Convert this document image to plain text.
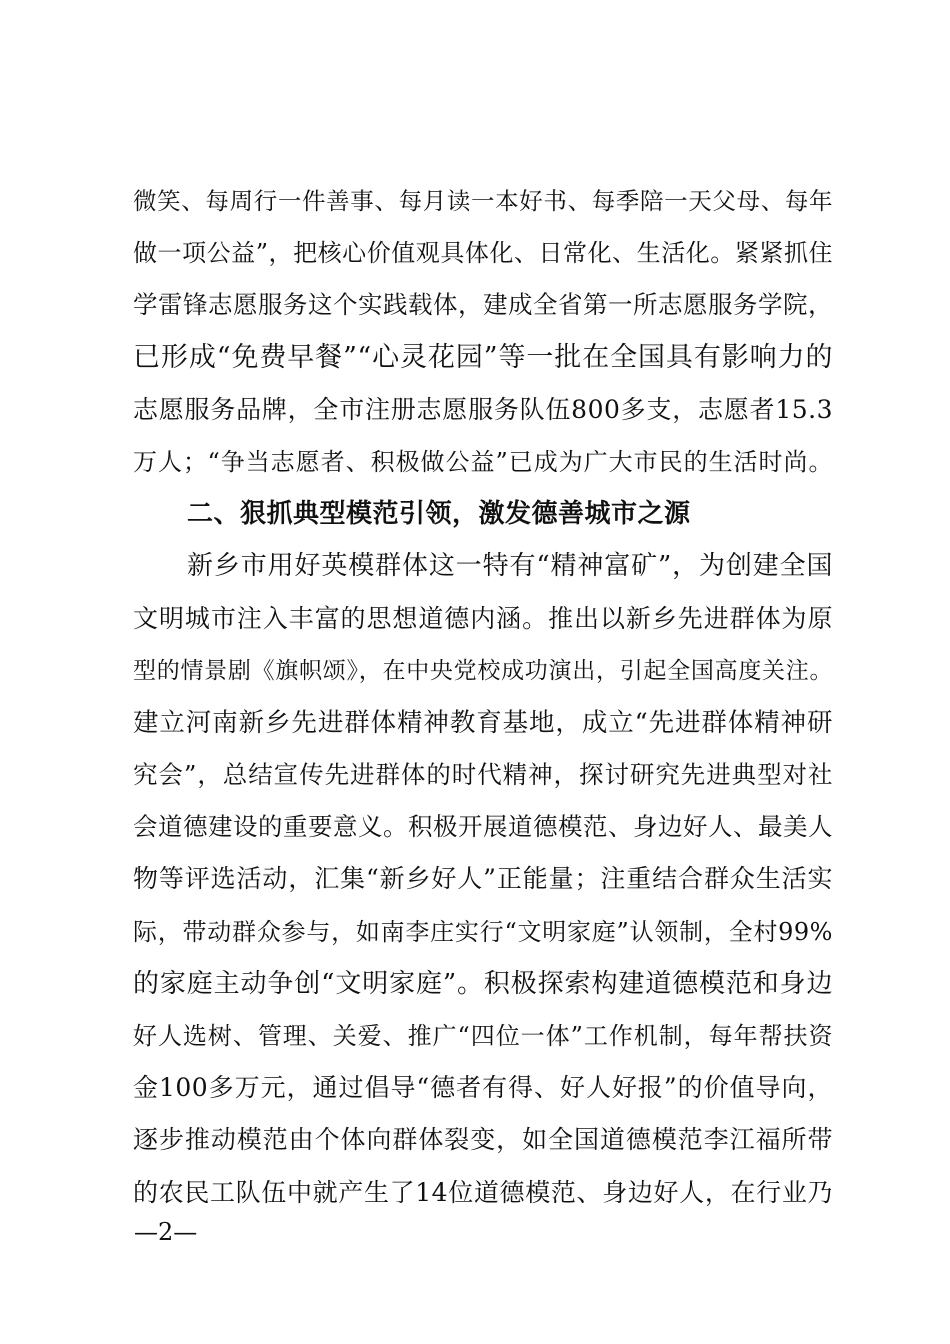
微笑、每周行一件善事、每月读一本好书、每季陪一天父母、每年
做一项公益”，把核心价值观具体化、日常化、生活化。紧紧抓住
学雷锋志愿服务这个实践载体，建成全省第一所志愿服务学院，
已形成“免费早餐”“心灵花园”等一批在全国具有影响力的
志愿服务品牌，全市注册志愿服务队伍800多支，志愿者15.3
万人；“争当志愿者、积极做公益”已成为广大市民的生活时尚。
二、狠抓典型模范引领，激发德善城市之源
新乡市用好英模群体这一特有“精神富矿”，为创建全国
文明城市注入丰富的思想道德内涵。推出以新乡先进群体为原
型的情景剧《旗帜颂》，在中央党校成功演出，引起全国高度关注。
建立河南新乡先进群体精神教育基地，成立“先进群体精神研
究会”，总结宣传先进群体的时代精神，探讨研究先进典型对社
会道德建设的重要意义。积极开展道德模范、身边好人、最美人
物等评选活动，汇集“新乡好人”正能量；注重结合群众生活实
际，带动群众参与，如南李庄实行“文明家庭”认领制，全村99%
的家庭主动争创“文明家庭”。积极探索构建道德模范和身边
好人选树、管理、关爱、推广“四位一体”工作机制，每年帮扶资
金100多万元，通过倡导“德者有得、好人好报”的价值导向，
逐步推动模范由个体向群体裂变，如全国道德模范李江福所带
的农民工队伍中就产生了14位道德模范、身边好人，在行业乃
—2—
